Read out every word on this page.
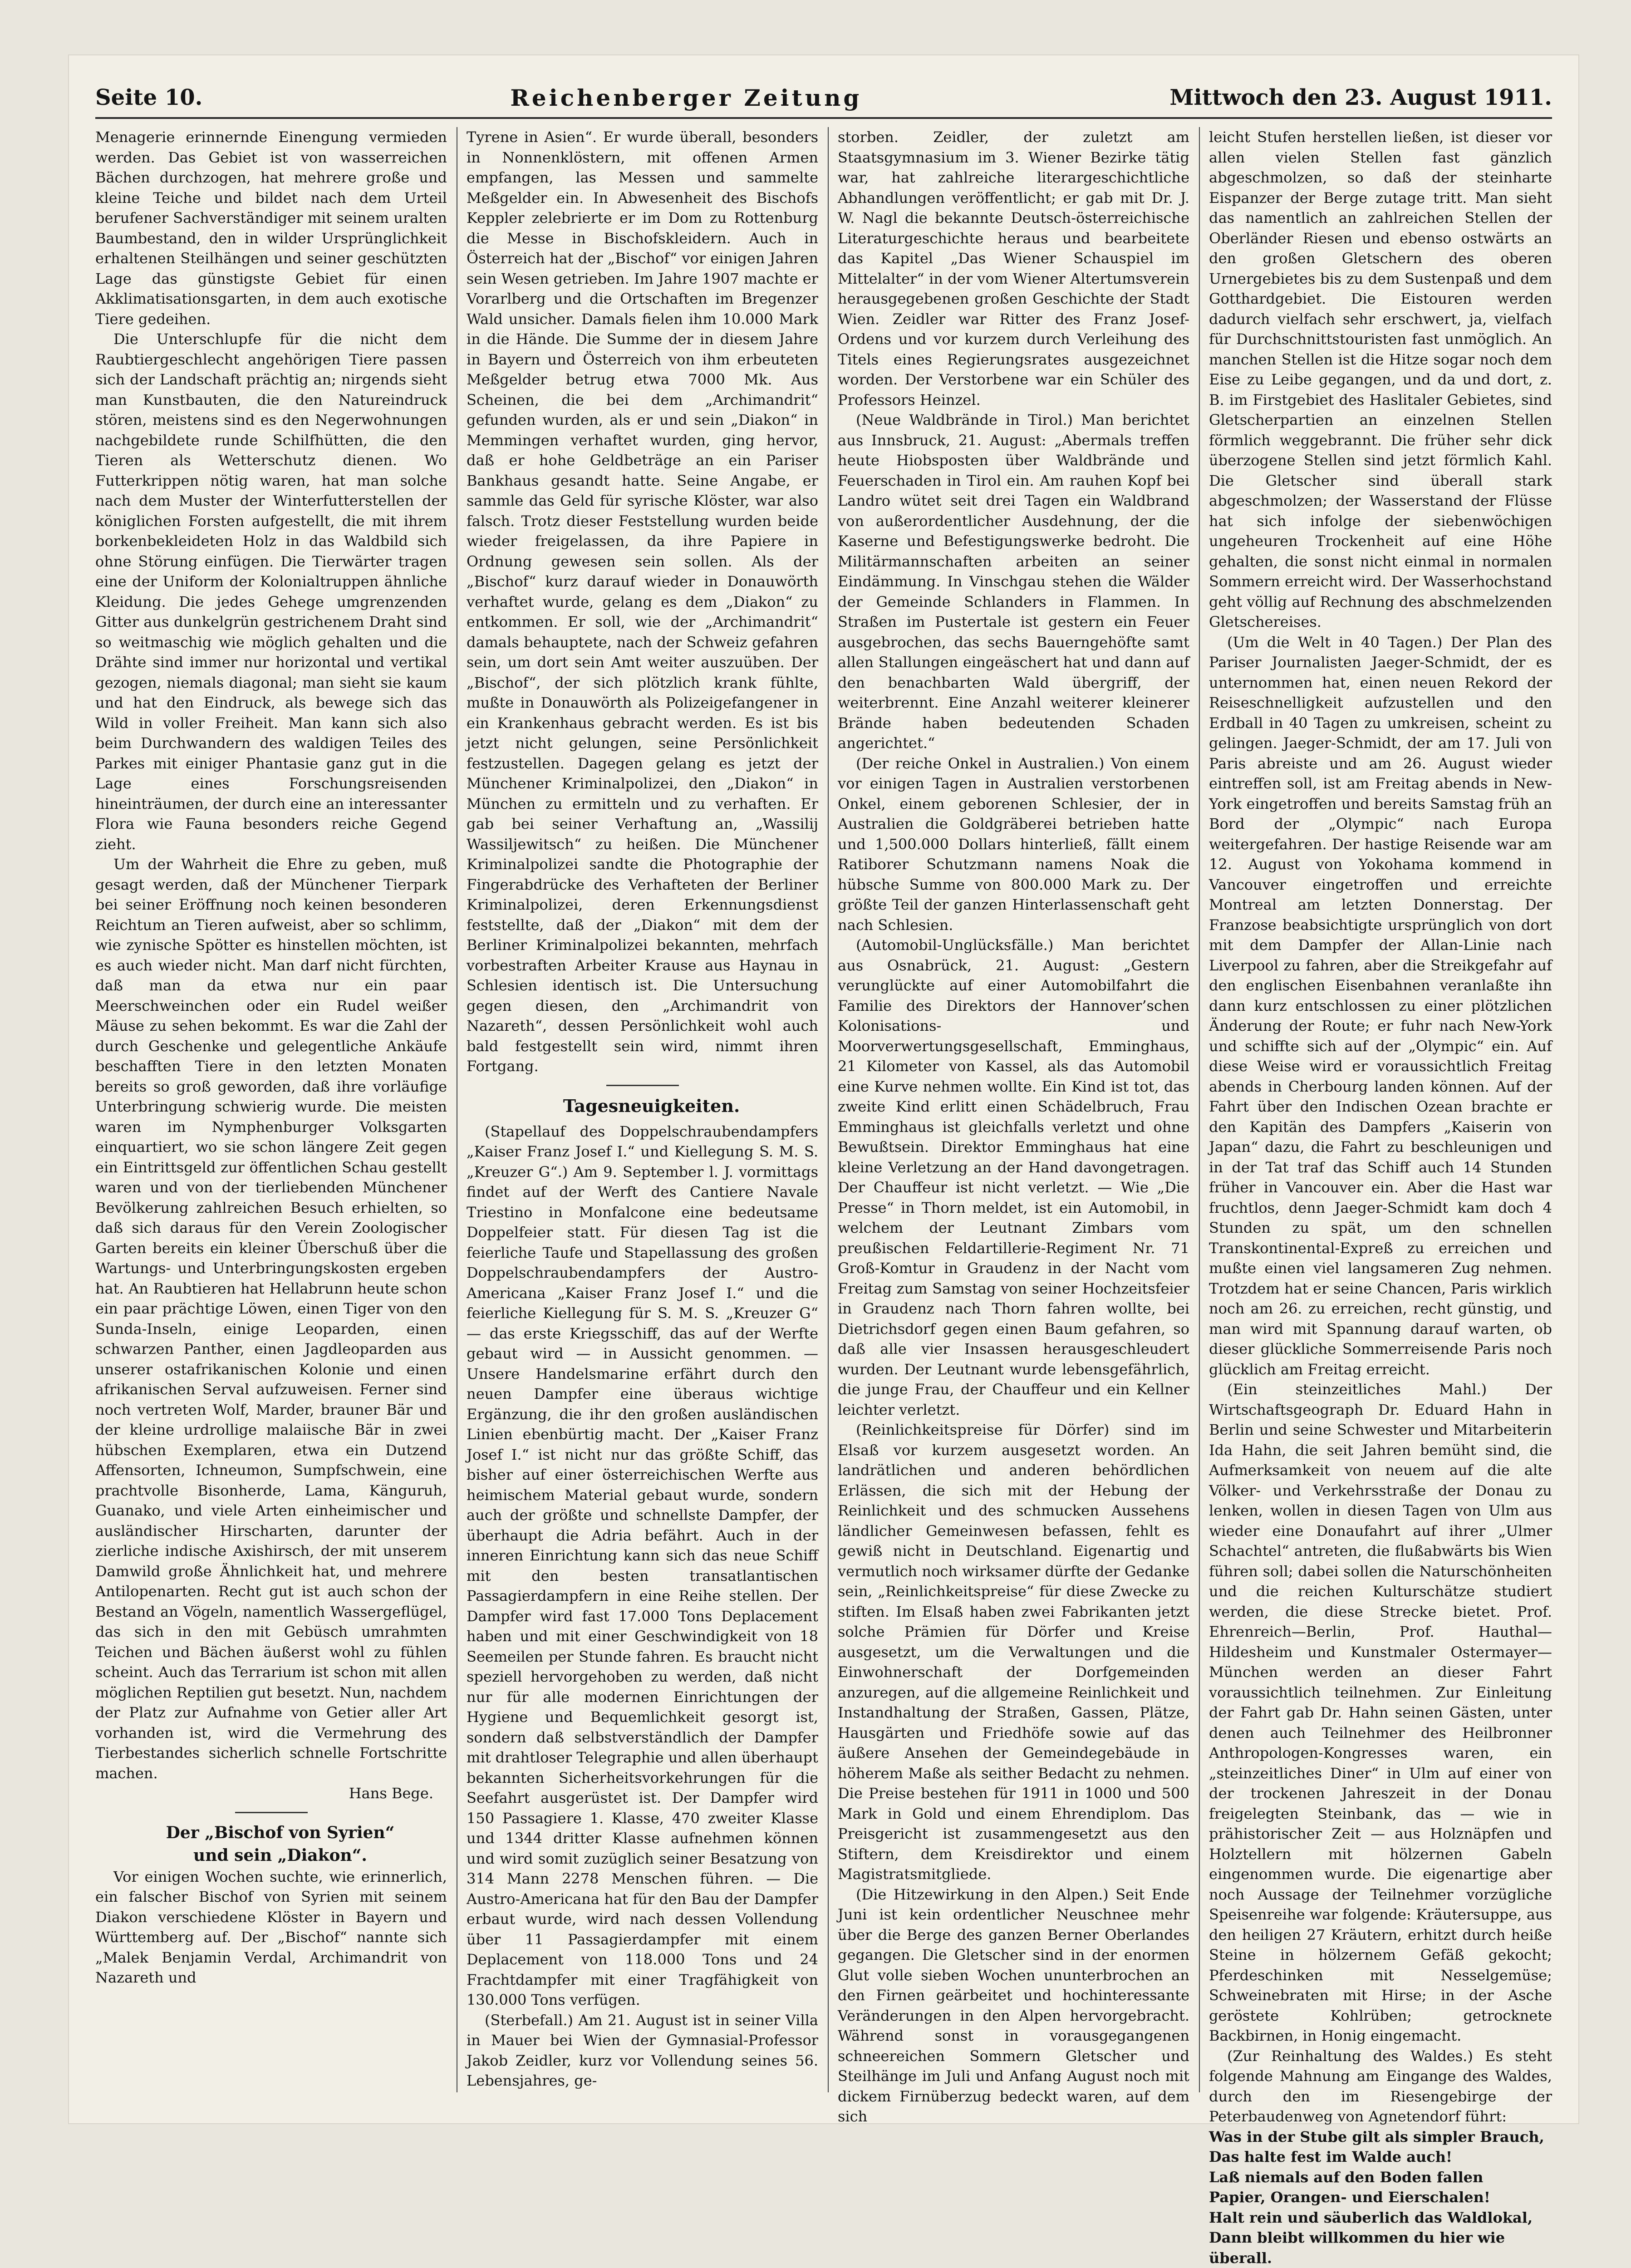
Seite 10.	Reichenberger Zeitung	Mittwoch den 23. August 1911.

Menagerie erinnernde Einengung vermieden werden. Das Gebiet ist von wasserreichen Bächen durchzogen, hat mehrere große und kleine Teiche und bildet nach dem Urteil berufener Sachverständiger mit seinem uralten Baumbestand, den in wilder Ursprünglichkeit erhaltenen Steilhängen und seiner geschützten Lage das günstigste Gebiet für einen Akklimatisationsgarten, in dem auch exotische Tiere gedeihen.

Die Unterschlupfe für die nicht dem Raubtiergeschlecht angehörigen Tiere passen sich der Landschaft prächtig an; nirgends sieht man Kunstbauten, die den Natureindruck stören, meistens sind es den Negerwohnungen nachgebildete runde Schilfhütten, die den Tieren als Wetterschutz dienen. Wo Futterkrippen nötig waren, hat man solche nach dem Muster der Winterfutterstellen der königlichen Forsten aufgestellt, die mit ihrem borkenbekleideten Holz in das Waldbild sich ohne Störung einfügen. Die Tierwärter tragen eine der Uniform der Kolonialtruppen ähnliche Kleidung. Die jedes Gehege umgrenzenden Gitter aus dunkelgrün gestrichenem Draht sind so weitmaschig wie möglich gehalten und die Drähte sind immer nur horizontal und vertikal gezogen, niemals diagonal; man sieht sie kaum und hat den Eindruck, als bewege sich das Wild in voller Freiheit. Man kann sich also beim Durchwandern des waldigen Teiles des Parkes mit einiger Phantasie ganz gut in die Lage eines Forschungsreisenden hineinträumen, der durch eine an interessanter Flora wie Fauna besonders reiche Gegend zieht.

Um der Wahrheit die Ehre zu geben, muß gesagt werden, daß der Münchener Tierpark bei seiner Eröffnung noch keinen besonderen Reichtum an Tieren aufweist, aber so schlimm, wie zynische Spötter es hinstellen möchten, ist es auch wieder nicht. Man darf nicht fürchten, daß man da etwa nur ein paar Meerschweinchen oder ein Rudel weißer Mäuse zu sehen bekommt. Es war die Zahl der durch Geschenke und gelegentliche Ankäufe beschafften Tiere in den letzten Monaten bereits so groß geworden, daß ihre vorläufige Unterbringung schwierig wurde. Die meisten waren im Nymphenburger Volksgarten einquartiert, wo sie schon längere Zeit gegen ein Eintrittsgeld zur öffentlichen Schau gestellt waren und von der tierliebenden Münchener Bevölkerung zahlreichen Besuch erhielten, so daß sich daraus für den Verein Zoologischer Garten bereits ein kleiner Überschuß über die Wartungs- und Unterbringungskosten ergeben hat. An Raubtieren hat Hellabrunn heute schon ein paar prächtige Löwen, einen Tiger von den Sunda-Inseln, einige Leoparden, einen schwarzen Panther, einen Jagdleoparden aus unserer ostafrikanischen Kolonie und einen afrikanischen Serval aufzuweisen. Ferner sind noch vertreten Wolf, Marder, brauner Bär und der kleine urdrollige malaiische Bär in zwei hübschen Exemplaren, etwa ein Dutzend Affensorten, Ichneumon, Sumpfschwein, eine prachtvolle Bisonherde, Lama, Känguruh, Guanako, und viele Arten einheimischer und ausländischer Hirscharten, darunter der zierliche indische Axishirsch, der mit unserem Damwild große Ähnlichkeit hat, und mehrere Antilopenarten. Recht gut ist auch schon der Bestand an Vögeln, namentlich Wassergeflügel, das sich in den mit Gebüsch umrahmten Teichen und Bächen äußerst wohl zu fühlen scheint. Auch das Terrarium ist schon mit allen möglichen Reptilien gut besetzt. Nun, nachdem der Platz zur Aufnahme von Getier aller Art vorhanden ist, wird die Vermehrung des Tierbestandes sicherlich schnelle Fortschritte machen.

Hans Bege.

Der „Bischof von Syrien“

und sein „Diakon“.

Vor einigen Wochen suchte, wie erinnerlich, ein falscher Bischof von Syrien mit seinem Diakon verschiedene Klöster in Bayern und Württemberg auf. Der „Bischof“ nannte sich „Malek Benjamin Verdal, Archimandrit von Nazareth und

Tyrene in Asien“. Er wurde überall, besonders in Nonnenklöstern, mit offenen Armen empfangen, las Messen und sammelte Meßgelder ein. In Abwesenheit des Bischofs Keppler zelebrierte er im Dom zu Rottenburg die Messe in Bischofskleidern. Auch in Österreich hat der „Bischof“ vor einigen Jahren sein Wesen getrieben. Im Jahre 1907 machte er Vorarlberg und die Ortschaften im Bregenzer Wald unsicher. Damals fielen ihm 10.000 Mark in die Hände. Die Summe der in diesem Jahre in Bayern und Österreich von ihm erbeuteten Meßgelder betrug etwa 7000 Mk. Aus Scheinen, die bei dem „Archimandrit“ gefunden wurden, als er und sein „Diakon“ in Memmingen verhaftet wurden, ging hervor, daß er hohe Geldbeträge an ein Pariser Bankhaus gesandt hatte. Seine Angabe, er sammle das Geld für syrische Klöster, war also falsch. Trotz dieser Feststellung wurden beide wieder freigelassen, da ihre Papiere in Ordnung gewesen sein sollen. Als der „Bischof“ kurz darauf wieder in Donauwörth verhaftet wurde, gelang es dem „Diakon“ zu entkommen. Er soll, wie der „Archimandrit“ damals behauptete, nach der Schweiz gefahren sein, um dort sein Amt weiter auszuüben. Der „Bischof“, der sich plötzlich krank fühlte, mußte in Donauwörth als Polizeigefangener in ein Krankenhaus gebracht werden. Es ist bis jetzt nicht gelungen, seine Persönlichkeit festzustellen. Dagegen gelang es jetzt der Münchener Kriminalpolizei, den „Diakon“ in München zu ermitteln und zu verhaften. Er gab bei seiner Verhaftung an, „Wassilij Wassiljewitsch“ zu heißen. Die Münchener Kriminalpolizei sandte die Photographie der Fingerabdrücke des Verhafteten der Berliner Kriminalpolizei, deren Erkennungsdienst feststellte, daß der „Diakon“ mit dem der Berliner Kriminalpolizei bekannten, mehrfach vorbestraften Arbeiter Krause aus Haynau in Schlesien identisch ist. Die Untersuchung gegen diesen, den „Archimandrit von Nazareth“, dessen Persönlichkeit wohl auch bald festgestellt sein wird, nimmt ihren Fortgang.

Tagesneuigkeiten.

(Stapellauf des Doppelschraubendampfers „Kaiser Franz Josef I.“ und Kiellegung S. M. S. „Kreuzer G“.) Am 9. September l. J. vormittags findet auf der Werft des Cantiere Navale Triestino in Monfalcone eine bedeutsame Doppelfeier statt. Für diesen Tag ist die feierliche Taufe und Stapellassung des großen Doppelschraubendampfers der Austro-Americana „Kaiser Franz Josef I.“ und die feierliche Kiellegung für S. M. S. „Kreuzer G“ — das erste Kriegsschiff, das auf der Werfte gebaut wird — in Aussicht genommen. — Unsere Handelsmarine erfährt durch den neuen Dampfer eine überaus wichtige Ergänzung, die ihr den großen ausländischen Linien ebenbürtig macht. Der „Kaiser Franz Josef I.“ ist nicht nur das größte Schiff, das bisher auf einer österreichischen Werfte aus heimischem Material gebaut wurde, sondern auch der größte und schnellste Dampfer, der überhaupt die Adria befährt. Auch in der inneren Einrichtung kann sich das neue Schiff mit den besten transatlantischen Passagierdampfern in eine Reihe stellen. Der Dampfer wird fast 17.000 Tons Deplacement haben und mit einer Geschwindigkeit von 18 Seemeilen per Stunde fahren. Es braucht nicht speziell hervorgehoben zu werden, daß nicht nur für alle modernen Einrichtungen der Hygiene und Bequemlichkeit gesorgt ist, sondern daß selbstverständlich der Dampfer mit drahtloser Telegraphie und allen überhaupt bekannten Sicherheitsvorkehrungen für die Seefahrt ausgerüstet ist. Der Dampfer wird 150 Passagiere 1. Klasse, 470 zweiter Klasse und 1344 dritter Klasse aufnehmen können und wird somit zuzüglich seiner Besatzung von 314 Mann 2278 Menschen führen. — Die Austro-Americana hat für den Bau der Dampfer erbaut wurde, wird nach dessen Vollendung über 11 Passagierdampfer mit einem Deplacement von 118.000 Tons und 24 Frachtdampfer mit einer Tragfähigkeit von 130.000 Tons verfügen.

(Sterbefall.) Am 21. August ist in seiner Villa in Mauer bei Wien der Gymnasial-Professor Jakob Zeidler, kurz vor Vollendung seines 56. Lebensjahres, ge-

storben. Zeidler, der zuletzt am Staatsgymnasium im 3. Wiener Bezirke tätig war, hat zahlreiche literargeschichtliche Abhandlungen veröffentlicht; er gab mit Dr. J. W. Nagl die bekannte Deutsch-österreichische Literaturgeschichte heraus und bearbeitete das Kapitel „Das Wiener Schauspiel im Mittelalter“ in der vom Wiener Altertumsverein herausgegebenen großen Geschichte der Stadt Wien. Zeidler war Ritter des Franz Josef-Ordens und vor kurzem durch Verleihung des Titels eines Regierungsrates ausgezeichnet worden. Der Verstorbene war ein Schüler des Professors Heinzel.

(Neue Waldbrände in Tirol.) Man berichtet aus Innsbruck, 21. August: „Abermals treffen heute Hiobsposten über Waldbrände und Feuerschaden in Tirol ein. Am rauhen Kopf bei Landro wütet seit drei Tagen ein Waldbrand von außerordentlicher Ausdehnung, der die Kaserne und Befestigungswerke bedroht. Die Militärmannschaften arbeiten an seiner Eindämmung. In Vinschgau stehen die Wälder der Gemeinde Schlanders in Flammen. In Straßen im Pustertale ist gestern ein Feuer ausgebrochen, das sechs Bauerngehöfte samt allen Stallungen eingeäschert hat und dann auf den benachbarten Wald übergriff, der weiterbrennt. Eine Anzahl weiterer kleinerer Brände haben bedeutenden Schaden angerichtet.“

(Der reiche Onkel in Australien.) Von einem vor einigen Tagen in Australien verstorbenen Onkel, einem geborenen Schlesier, der in Australien die Goldgräberei betrieben hatte und 1,500.000 Dollars hinterließ, fällt einem Ratiborer Schutzmann namens Noak die hübsche Summe von 800.000 Mark zu. Der größte Teil der ganzen Hinterlassenschaft geht nach Schlesien.

(Automobil-Unglücksfälle.) Man berichtet aus Osnabrück, 21. August: „Gestern verunglückte auf einer Automobilfahrt die Familie des Direktors der Hannover’schen Kolonisations- und Moorverwertungsgesellschaft, Emminghaus, 21 Kilometer von Kassel, als das Automobil eine Kurve nehmen wollte. Ein Kind ist tot, das zweite Kind erlitt einen Schädelbruch, Frau Emminghaus ist gleichfalls verletzt und ohne Bewußtsein. Direktor Emminghaus hat eine kleine Verletzung an der Hand davongetragen. Der Chauffeur ist nicht verletzt. — Wie „Die Presse“ in Thorn meldet, ist ein Automobil, in welchem der Leutnant Zimbars vom preußischen Feldartillerie-Regiment Nr. 71 Groß-Komtur in Graudenz in der Nacht vom Freitag zum Samstag von seiner Hochzeitsfeier in Graudenz nach Thorn fahren wollte, bei Dietrichsdorf gegen einen Baum gefahren, so daß alle vier Insassen herausgeschleudert wurden. Der Leutnant wurde lebensgefährlich, die junge Frau, der Chauffeur und ein Kellner leichter verletzt.

(Reinlichkeitspreise für Dörfer) sind im Elsaß vor kurzem ausgesetzt worden. An landrätlichen und anderen behördlichen Erlässen, die sich mit der Hebung der Reinlichkeit und des schmucken Aussehens ländlicher Gemeinwesen befassen, fehlt es gewiß nicht in Deutschland. Eigenartig und vermutlich noch wirksamer dürfte der Gedanke sein, „Reinlichkeitspreise“ für diese Zwecke zu stiften. Im Elsaß haben zwei Fabrikanten jetzt solche Prämien für Dörfer und Kreise ausgesetzt, um die Verwaltungen und die Einwohnerschaft der Dorfgemeinden anzuregen, auf die allgemeine Reinlichkeit und Instandhaltung der Straßen, Gassen, Plätze, Hausgärten und Friedhöfe sowie auf das äußere Ansehen der Gemeindegebäude in höherem Maße als seither Bedacht zu nehmen. Die Preise bestehen für 1911 in 1000 und 500 Mark in Gold und einem Ehrendiplom. Das Preisgericht ist zusammengesetzt aus den Stiftern, dem Kreisdirektor und einem Magistratsmitgliede.

(Die Hitzewirkung in den Alpen.) Seit Ende Juni ist kein ordentlicher Neuschnee mehr über die Berge des ganzen Berner Oberlandes gegangen. Die Gletscher sind in der enormen Glut volle sieben Wochen ununterbrochen an den Firnen geärbeitet und hochinteressante Veränderungen in den Alpen hervorgebracht. Während sonst in vorausgegangenen schneereichen Sommern Gletscher und Steilhänge im Juli und Anfang August noch mit dickem Firnüberzug bedeckt waren, auf dem sich

leicht Stufen herstellen ließen, ist dieser vor allen vielen Stellen fast gänzlich abgeschmolzen, so daß der steinharte Eispanzer der Berge zutage tritt. Man sieht das namentlich an zahlreichen Stellen der Oberländer Riesen und ebenso ostwärts an den großen Gletschern des oberen Urnergebietes bis zu dem Sustenpaß und dem Gotthardgebiet. Die Eistouren werden dadurch vielfach sehr erschwert, ja, vielfach für Durchschnittstouristen fast unmöglich. An manchen Stellen ist die Hitze sogar noch dem Eise zu Leibe gegangen, und da und dort, z. B. im Firstgebiet des Haslitaler Gebietes, sind Gletscherpartien an einzelnen Stellen förmlich weggebrannt. Die früher sehr dick überzogene Stellen sind jetzt förmlich Kahl. Die Gletscher sind überall stark abgeschmolzen; der Wasserstand der Flüsse hat sich infolge der siebenwöchigen ungeheuren Trockenheit auf eine Höhe gehalten, die sonst nicht einmal in normalen Sommern erreicht wird. Der Wasserhochstand geht völlig auf Rechnung des abschmelzenden Gletschereises.

(Um die Welt in 40 Tagen.) Der Plan des Pariser Journalisten Jaeger-Schmidt, der es unternommen hat, einen neuen Rekord der Reiseschnelligkeit aufzustellen und den Erdball in 40 Tagen zu umkreisen, scheint zu gelingen. Jaeger-Schmidt, der am 17. Juli von Paris abreiste und am 26. August wieder eintreffen soll, ist am Freitag abends in New-York eingetroffen und bereits Samstag früh an Bord der „Olympic“ nach Europa weitergefahren. Der hastige Reisende war am 12. August von Yokohama kommend in Vancouver eingetroffen und erreichte Montreal am letzten Donnerstag. Der Franzose beabsichtigte ursprünglich von dort mit dem Dampfer der Allan-Linie nach Liverpool zu fahren, aber die Streikgefahr auf den englischen Eisenbahnen veranlaßte ihn dann kurz entschlossen zu einer plötzlichen Änderung der Route; er fuhr nach New-York und schiffte sich auf der „Olympic“ ein. Auf diese Weise wird er voraussichtlich Freitag abends in Cherbourg landen können. Auf der Fahrt über den Indischen Ozean brachte er den Kapitän des Dampfers „Kaiserin von Japan“ dazu, die Fahrt zu beschleunigen und in der Tat traf das Schiff auch 14 Stunden früher in Vancouver ein. Aber die Hast war fruchtlos, denn Jaeger-Schmidt kam doch 4 Stunden zu spät, um den schnellen Transkontinental-Expreß zu erreichen und mußte einen viel langsameren Zug nehmen. Trotzdem hat er seine Chancen, Paris wirklich noch am 26. zu erreichen, recht günstig, und man wird mit Spannung darauf warten, ob dieser glückliche Sommerreisende Paris noch glücklich am Freitag erreicht.

(Ein steinzeitliches Mahl.) Der Wirtschaftsgeograph Dr. Eduard Hahn in Berlin und seine Schwester und Mitarbeiterin Ida Hahn, die seit Jahren bemüht sind, die Aufmerksamkeit von neuem auf die alte Völker- und Verkehrsstraße der Donau zu lenken, wollen in diesen Tagen von Ulm aus wieder eine Donaufahrt auf ihrer „Ulmer Schachtel“ antreten, die flußabwärts bis Wien führen soll; dabei sollen die Naturschönheiten und die reichen Kulturschätze studiert werden, die diese Strecke bietet. Prof. Ehrenreich—Berlin, Prof. Hauthal—Hildesheim und Kunstmaler Ostermayer—München werden an dieser Fahrt voraussichtlich teilnehmen. Zur Einleitung der Fahrt gab Dr. Hahn seinen Gästen, unter denen auch Teilnehmer des Heilbronner Anthropologen-Kongresses waren, ein „steinzeitliches Diner“ in Ulm auf einer von der trockenen Jahreszeit in der Donau freigelegten Steinbank, das — wie in prähistorischer Zeit — aus Holznäpfen und Holztellern mit hölzernen Gabeln eingenommen wurde. Die eigenartige aber noch Aussage der Teilnehmer vorzügliche Speisenreihe war folgende: Kräutersuppe, aus den heiligen 27 Kräutern, erhitzt durch heiße Steine in hölzernem Gefäß gekocht; Pferdeschinken mit Nesselgemüse; Schweinebraten mit Hirse; in der Asche geröstete Kohlrüben; getrocknete Backbirnen, in Honig eingemacht.

(Zur Reinhaltung des Waldes.) Es steht folgende Mahnung am Eingange des Waldes, durch den im Riesengebirge der Peterbaudenweg von Agnetendorf führt:

Was in der Stube gilt als simpler Brauch,

Das halte fest im Walde auch!

Laß niemals auf den Boden fallen

Papier, Orangen- und Eierschalen!

Halt rein und säuberlich das Waldlokal,

Dann bleibt willkommen du hier wie überall.
